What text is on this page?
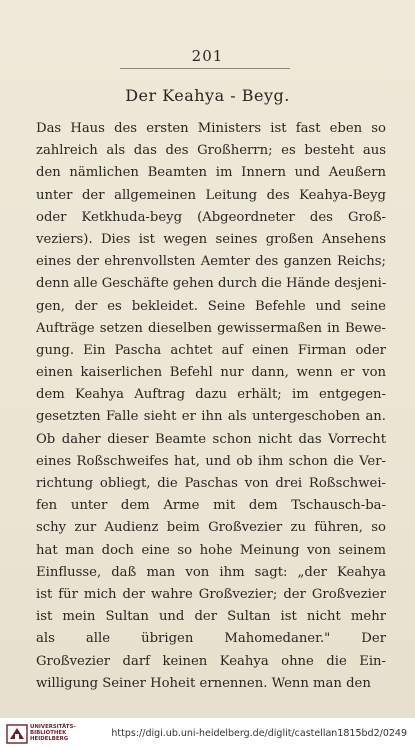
201
Der Keahya - Beyg.
Das Haus des ersten Ministers ist fast eben so
zahlreich als das des Großherrn; es besteht aus
den nämlichen Beamten im Innern und Aeußern
unter der allgemeinen Leitung des Keahya-Beyg
oder Ketkhuda-beyg (Abgeordneter des Groß-
veziers). Dies ist wegen seines großen Ansehens
eines der ehrenvollsten Aemter des ganzen Reichs;
denn alle Geschäfte gehen durch die Hände desjeni-
gen, der es bekleidet. Seine Befehle und seine
Aufträge setzen dieselben gewissermaßen in Bewe-
gung. Ein Pascha achtet auf einen Firman oder
einen kaiserlichen Befehl nur dann, wenn er von
dem Keahya Auftrag dazu erhält; im entgegen-
gesetzten Falle sieht er ihn als untergeschoben an.
Ob daher dieser Beamte schon nicht das Vorrecht
eines Roßschweifes hat, und ob ihm schon die Ver-
richtung obliegt, die Paschas von drei Roßschwei-
fen unter dem Arme mit dem Tschausch-ba-
schy zur Audienz beim Großvezier zu führen, so
hat man doch eine so hohe Meinung von seinem
Einflusse, daß man von ihm sagt: „der Keahya
ist für mich der wahre Großvezier; der Großvezier
ist mein Sultan und der Sultan ist nicht mehr
als alle übrigen Mahomedaner." Der
Großvezier darf keinen Keahya ohne die Ein-
willigung Seiner Hoheit ernennen. Wenn man den
UNIVERSITÄTS-
BIBLIOTHEK
HEIDELBERG
https://digi.ub.uni-heidelberg.de/diglit/castellan1815bd2/0249
